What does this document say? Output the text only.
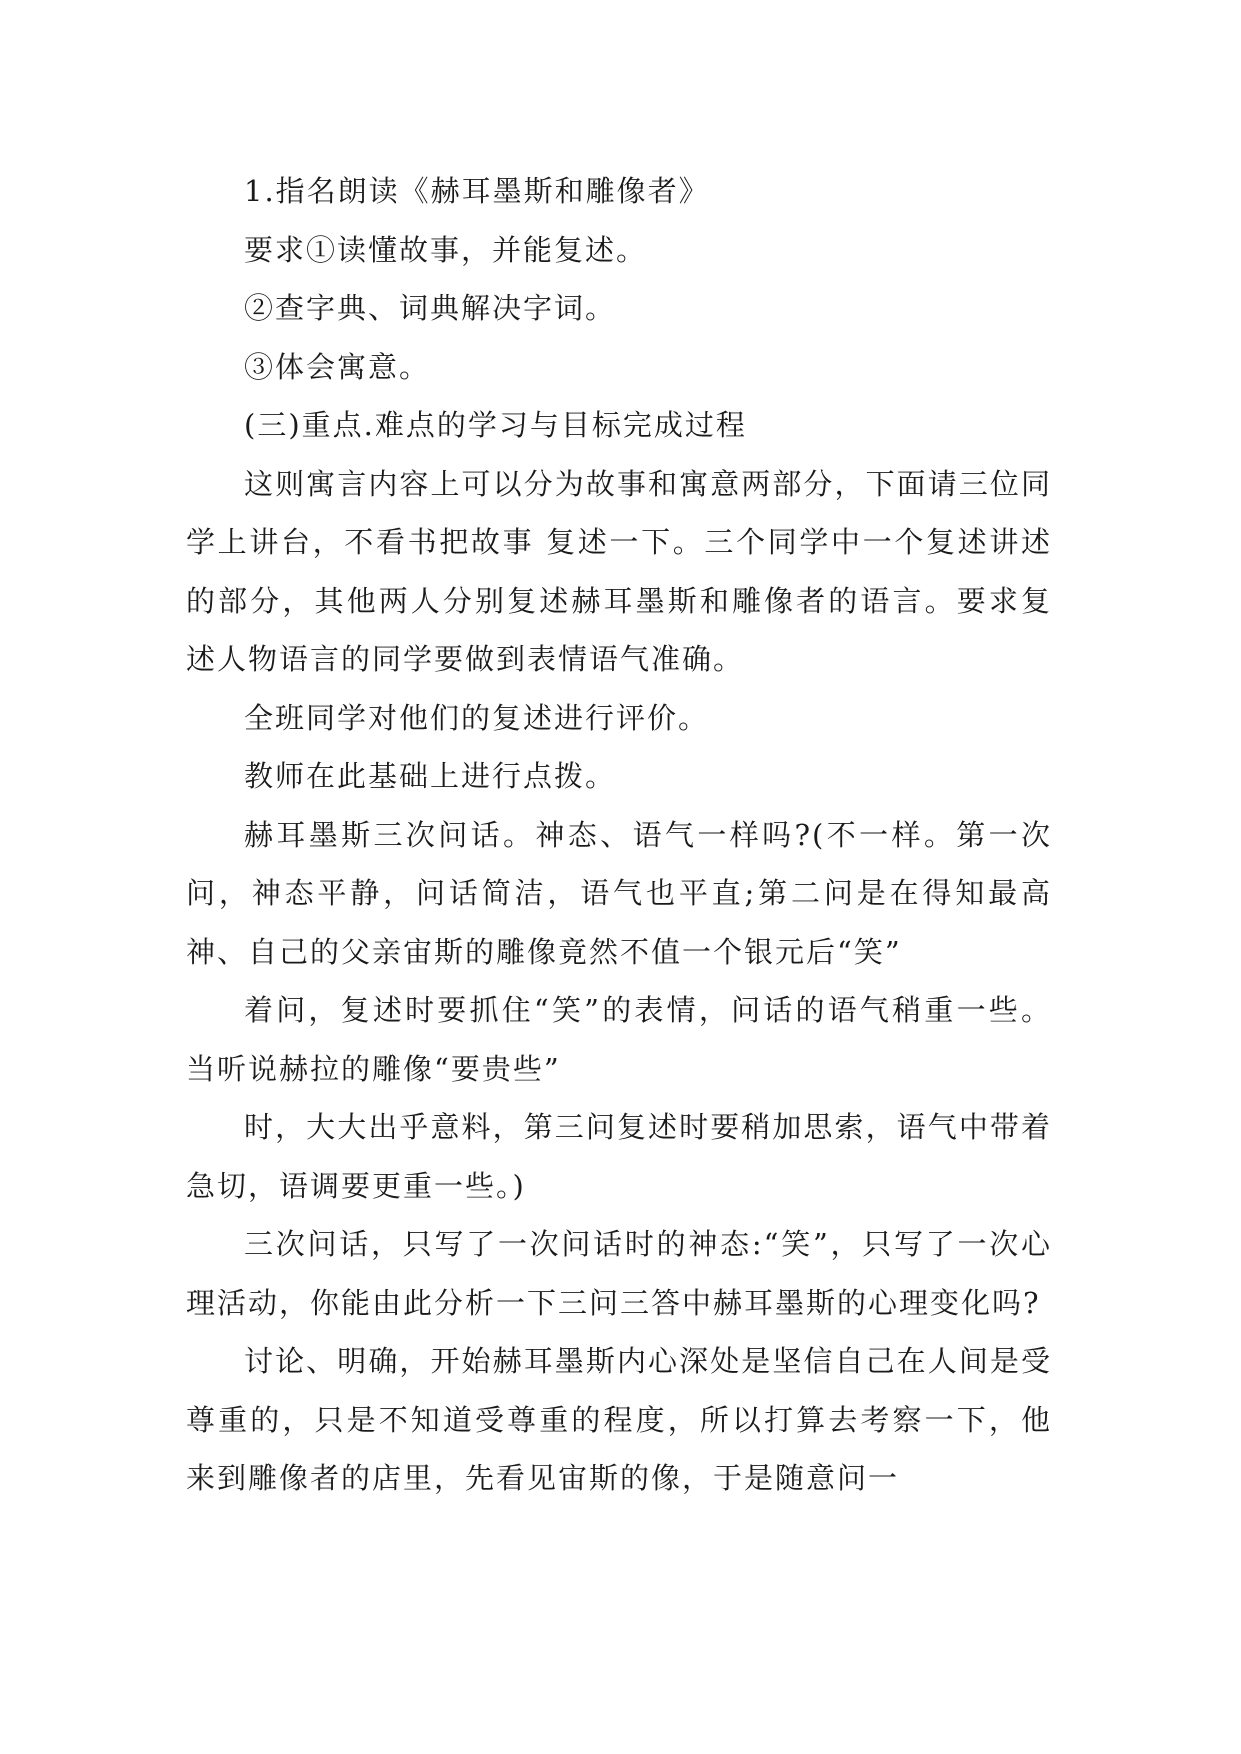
1.指名朗读《赫耳墨斯和雕像者》

要求①读懂故事，并能复述。

②查字典、词典解决字词。

③体会寓意。

(三)重点.难点的学习与目标完成过程

这则寓言内容上可以分为故事和寓意两部分，下面请三位同学上讲台，不看书把故事 复述一下。三个同学中一个复述讲述的部分，其他两人分别复述赫耳墨斯和雕像者的语言。要求复述人物语言的同学要做到表情语气准确。

全班同学对他们的复述进行评价。

教师在此基础上进行点拨。

赫耳墨斯三次问话。神态、语气一样吗?(不一样。第一次问，神态平静，问话简洁，语气也平直;第二问是在得知最高神、自己的父亲宙斯的雕像竟然不值一个银元后“笑”

着问，复述时要抓住“笑”的表情，问话的语气稍重一些。当听说赫拉的雕像“要贵些”

时，大大出乎意料，第三问复述时要稍加思索，语气中带着急切，语调要更重一些。)

三次问话，只写了一次问话时的神态:“笑”，只写了一次心理活动，你能由此分析一下三问三答中赫耳墨斯的心理变化吗?

讨论、明确，开始赫耳墨斯内心深处是坚信自己在人间是受尊重的，只是不知道受尊重的程度，所以打算去考察一下，他来到雕像者的店里，先看见宙斯的像，于是随意问一
